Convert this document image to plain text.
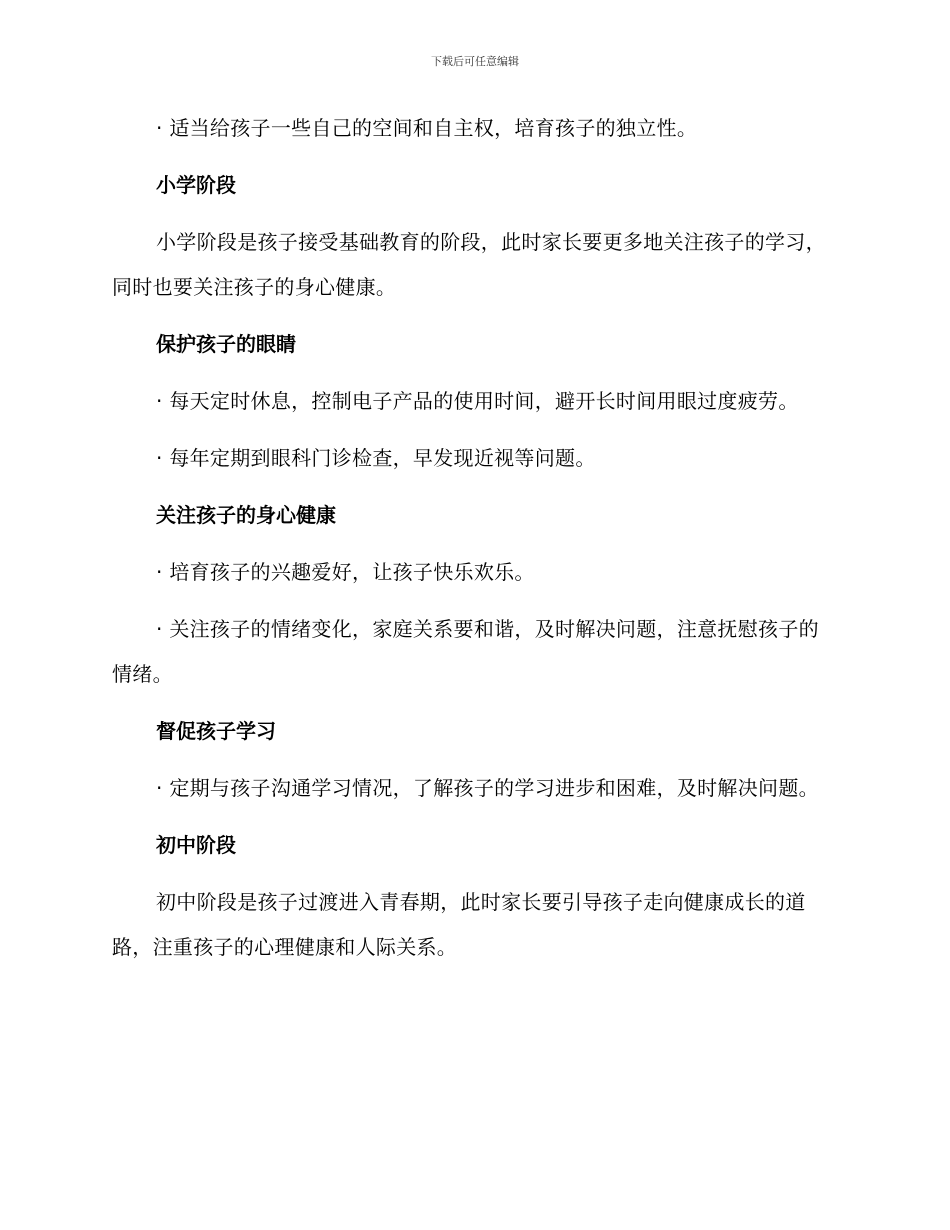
下载后可任意编辑

· 适当给孩子一些自己的空间和自主权，培育孩子的独立性。

小学阶段

小学阶段是孩子接受基础教育的阶段，此时家长要更多地关注孩子的学习，同时也要关注孩子的身心健康。

保护孩子的眼睛

· 每天定时休息，控制电子产品的使用时间，避开长时间用眼过度疲劳。

· 每年定期到眼科门诊检查，早发现近视等问题。

关注孩子的身心健康

· 培育孩子的兴趣爱好，让孩子快乐欢乐。

· 关注孩子的情绪变化，家庭关系要和谐，及时解决问题，注意抚慰孩子的情绪。

督促孩子学习

· 定期与孩子沟通学习情况，了解孩子的学习进步和困难，及时解决问题。

初中阶段

初中阶段是孩子过渡进入青春期，此时家长要引导孩子走向健康成长的道路，注重孩子的心理健康和人际关系。
